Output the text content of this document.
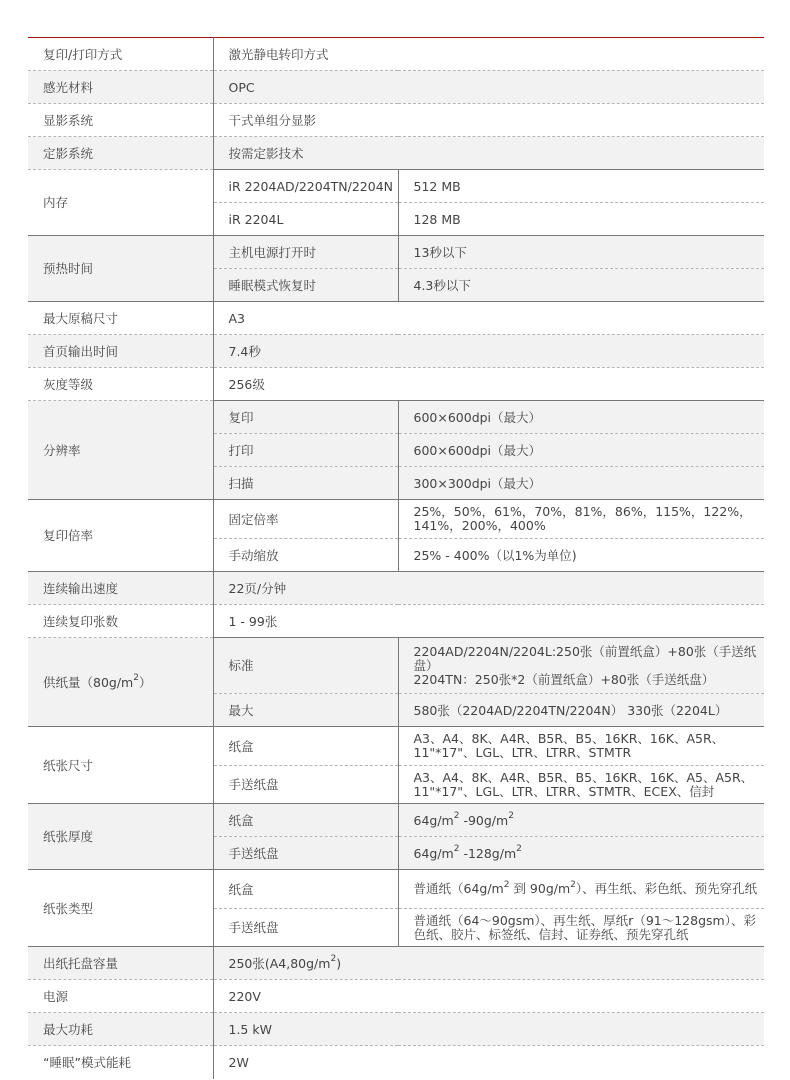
复印/打印方式	激光静电转印方式	
感光材料	OPC	
显影系统	干式单组分显影	
定影系统	按需定影技术	
内存	iR 2204AD/2204TN/2204N	512 MB
	iR 2204L	128 MB
预热时间	主机电源打开时	13秒以下
	睡眠模式恢复时	4.3秒以下
最大原稿尺寸	A3	
首页输出时间	7.4秒	
灰度等级	256级	
分辨率	复印	600×600dpi（最大）
	打印	600×600dpi（最大）
	扫描	300×300dpi（最大）
复印倍率	固定倍率	25%，50%，61%，70%，81%，86%，115%，122%，141%，200%，400%
	手动缩放	25% - 400%（以1%为单位)
连续输出速度	22页/分钟	
连续复印张数	1 - 99张	
供纸量$(80g/m^2)$	标准	2204AD/2204N/2204L:250张（前置纸盒）+80张（手送纸盘）
2204TN：250张*2（前置纸盒）+80张（手送纸盘）

	最大	580张（2204AD/2204TN/2204N） 330张（2204L）
纸张尺寸	纸盒	A3、A4、8K、A4R、B5R、B5、16KR、16K、A5R、11"*17"、LGL、LTR、LTRR、STMTR
	手送纸盘	A3、A4、8K、A4R、B5R、B5、16KR、16K、A5、A5R、11"*17"、LGL、LTR、LTRR、STMTR、ECEX、信封
纸张厚度	纸盒	$64g/m^2$ $-90g/m^2$
	手送纸盘	$64g/m^2$ $-128g/m^2$
纸张类型	纸盒	普通纸（$64g/m^2$ 到 $90g/m^2$）、再生纸、彩色纸、预先穿孔纸
	手送纸盘	普通纸（64～90gsm）、再生纸、厚纸r（91～128gsm）、彩色纸、胶片、标签纸、信封、证券纸、预先穿孔纸
出纸托盘容量	250张$(A4,80g/m^2)$	
电源	220V	
最大功耗	1.5 kW	
“睡眠”模式能耗	2W	
